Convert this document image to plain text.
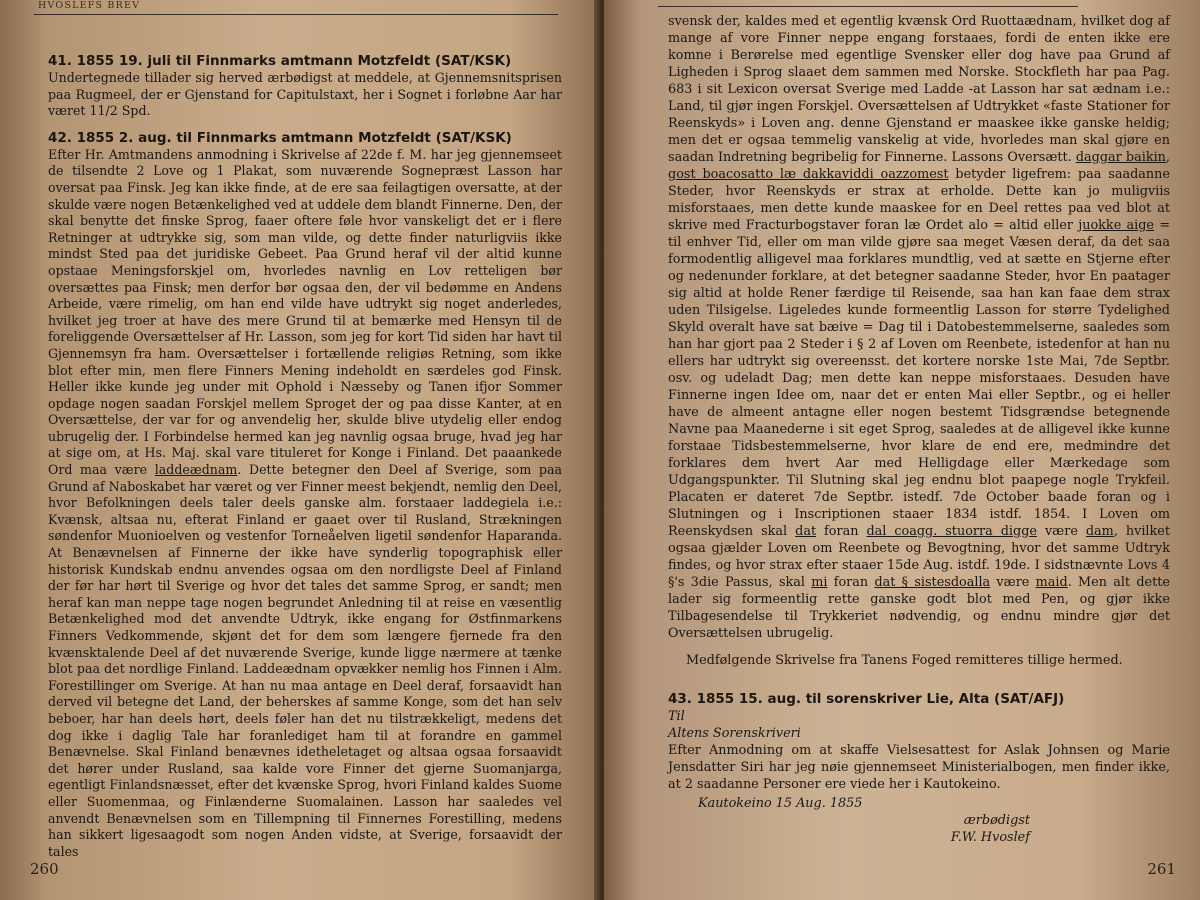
HVOSLEFS BREV
41. 1855 19. juli til Finnmarks amtmann Motzfeldt (SAT/KSK)

Undertegnede tillader sig herved ærbødigst at meddele, at Gjennemsnitsprisen paa Rugmeel, der er Gjenstand for Capitulstaxt, her i Sognet i forløbne Aar har været 11/2 Spd.

42. 1855 2. aug. til Finnmarks amtmann Motzfeldt (SAT/KSK)

Efter Hr. Amtmandens anmodning i Skrivelse af 22de f. M. har jeg gjennemseet de tilsendte 2 Love og 1 Plakat, som nuværende Sognepræst Lasson har oversat paa Finsk. Jeg kan ikke finde, at de ere saa feilagtigen oversatte, at der skulde være nogen Betænkelighed ved at uddele dem blandt Finnerne. Den, der skal benytte det finske Sprog, faaer oftere føle hvor vanskeligt det er i flere Retninger at udtrykke sig, som man vilde, og dette finder naturligviis ikke mindst Sted paa det juridiske Gebeet. Paa Grund heraf vil der altid kunne opstaae Meningsforskjel om, hvorledes navnlig en Lov retteligen bør oversættes paa Finsk; men derfor bør ogsaa den, der vil bedømme en Andens Arbeide, være rimelig, om han end vilde have udtrykt sig noget anderledes, hvilket jeg troer at have des mere Grund til at bemærke med Hensyn til de foreliggende Oversættelser af Hr. Lasson, som jeg for kort Tid siden har havt til Gjennemsyn fra ham. Oversættelser i fortællende religiøs Retning, som ikke blot efter min, men flere Finners Mening indeholdt en særdeles god Finsk. Heller ikke kunde jeg under mit Ophold i Næsseby og Tanen ifjor Sommer opdage nogen saadan Forskjel mellem Sproget der og paa disse Kanter, at en Oversættelse, der var for og anvendelig her, skulde blive utydelig eller endog ubrugelig der. I Forbindelse hermed kan jeg navnlig ogsaa bruge, hvad jeg har at sige om, at Hs. Maj. skal vare tituleret for Konge i Finland. Det paaankede Ord maa være laddeædnam. Dette betegner den Deel af Sverige, som paa Grund af Naboskabet har været og ver Finner meest bekjendt, nemlig den Deel, hvor Befolkningen deels taler deels ganske alm. forstaaer laddegiela i.e.: Kvænsk, altsaa nu, efterat Finland er gaaet over til Rusland, Strækningen søndenfor Muonioelven og vestenfor Torneåelven ligetil søndenfor Haparanda. At Benævnelsen af Finnerne der ikke have synderlig topographisk eller historisk Kundskab endnu anvendes ogsaa om den nordligste Deel af Finland der før har hørt til Sverige og hvor det tales det samme Sprog, er sandt; men heraf kan man neppe tage nogen begrundet Anledning til at reise en væsentlig Betænkelighed mod det anvendte Udtryk, ikke engang for Østfinmarkens Finners Vedkommende, skjønt det for dem som længere fjernede fra den kvænsktalende Deel af det nuværende Sverige, kunde ligge nærmere at tænke blot paa det nordlige Finland. Laddeædnam opvækker nemlig hos Finnen i Alm. Forestillinger om Sverige. At han nu maa antage en Deel deraf, forsaavidt han derved vil betegne det Land, der beherskes af samme Konge, som det han selv beboer, har han deels hørt, deels føler han det nu tilstrækkeligt, medens det dog ikke i daglig Tale har foranlediget ham til at forandre en gammel Benævnelse. Skal Finland benævnes idetheletaget og altsaa ogsaa forsaavidt det hører under Rusland, saa kalde vore Finner det gjerne Suomanjarga, egentligt Finlandsnæsset, efter det kvænske Sprog, hvori Finland kaldes Suome eller Suomenmaa, og Finlænderne Suomalainen. Lasson har saaledes vel anvendt Benævnelsen som en Tillempning til Finnernes Forestilling, medens han sikkert ligesaagodt som nogen Anden vidste, at Sverige, forsaavidt der tales

260

svensk der, kaldes med et egentlig kvænsk Ord Ruottaædnam, hvilket dog af mange af vore Finner neppe engang forstaaes, fordi de enten ikke ere komne i Berørelse med egentlige Svensker eller dog have paa Grund af Ligheden i Sprog slaaet dem sammen med Norske. Stockfleth har paa Pag. 683 i sit Lexicon oversat Sverige med Ladde -at Lasson har sat ædnam i.e.: Land, til gjør ingen Forskjel. Oversættelsen af Udtrykket «faste Stationer for Reenskyds» i Loven ang. denne Gjenstand er maaskee ikke ganske heldig; men det er ogsaa temmelig vanskelig at vide, hvorledes man skal gjøre en saadan Indretning begribelig for Finnerne. Lassons Oversætt. daggar baikin, gost boacosatto læ dakkaviddi oazzomest betyder ligefrem: paa saadanne Steder, hvor Reenskyds er strax at erholde. Dette kan jo muligviis misforstaaes, men dette kunde maaskee for en Deel rettes paa ved blot at skrive med Fracturbogstaver foran læ Ordet alo = altid eller juokke aige = til enhver Tid, eller om man vilde gjøre saa meget Væsen deraf, da det saa formodentlig alligevel maa forklares mundtlig, ved at sætte en Stjerne efter og nedenunder forklare, at det betegner saadanne Steder, hvor En paatager sig altid at holde Rener færdige til Reisende, saa han kan faae dem strax uden Tilsigelse. Ligeledes kunde formeentlig Lasson for større Tydelighed Skyld overalt have sat bæive = Dag til i Datobestemmelserne, saaledes som han har gjort paa 2 Steder i § 2 af Loven om Reenbete, istedenfor at han nu ellers har udtrykt sig overeensst. det kortere norske 1ste Mai, 7de Septbr. osv. og udeladt Dag; men dette kan neppe misforstaaes. Desuden have Finnerne ingen Idee om, naar det er enten Mai eller Septbr., og ei heller have de almeent antagne eller nogen bestemt Tidsgrændse betegnende Navne paa Maanederne i sit eget Sprog, saaledes at de alligevel ikke kunne forstaae Tidsbestemmelserne, hvor klare de end ere, medmindre det forklares dem hvert Aar med Helligdage eller Mærkedage som Udgangspunkter. Til Slutning skal jeg endnu blot paapege nogle Trykfeil. Placaten er dateret 7de Septbr. istedf. 7de October baade foran og i Slutningen og i Inscriptionen staaer 1834 istdf. 1854. I Loven om Reenskydsen skal dat foran dal coagg. stuorra digge være dam, hvilket ogsaa gjælder Loven om Reenbete og Bevogtning, hvor det samme Udtryk findes, og hvor strax efter staaer 15de Aug. istdf. 19de. I sidstnævnte Lovs 4 §'s 3die Passus, skal mi foran dat § sistesdoalla være maid. Men alt dette lader sig formeentlig rette ganske godt blot med Pen, og gjør ikke Tilbagesendelse til Trykkeriet nødvendig, og endnu mindre gjør det Oversættelsen ubrugelig.

Medfølgende Skrivelse fra Tanens Foged remitteres tillige hermed.

43. 1855 15. aug. til sorenskriver Lie, Alta (SAT/AFJ)

Til

Altens Sorenskriveri

Efter Anmodning om at skaffe Vielsesattest for Aslak Johnsen og Marie Jensdatter Siri har jeg nøie gjennemseet Ministerialbogen, men finder ikke, at 2 saadanne Personer ere viede her i Kautokeino.

Kautokeino 15 Aug. 1855

ærbødigst

F.W. Hvoslef

261
